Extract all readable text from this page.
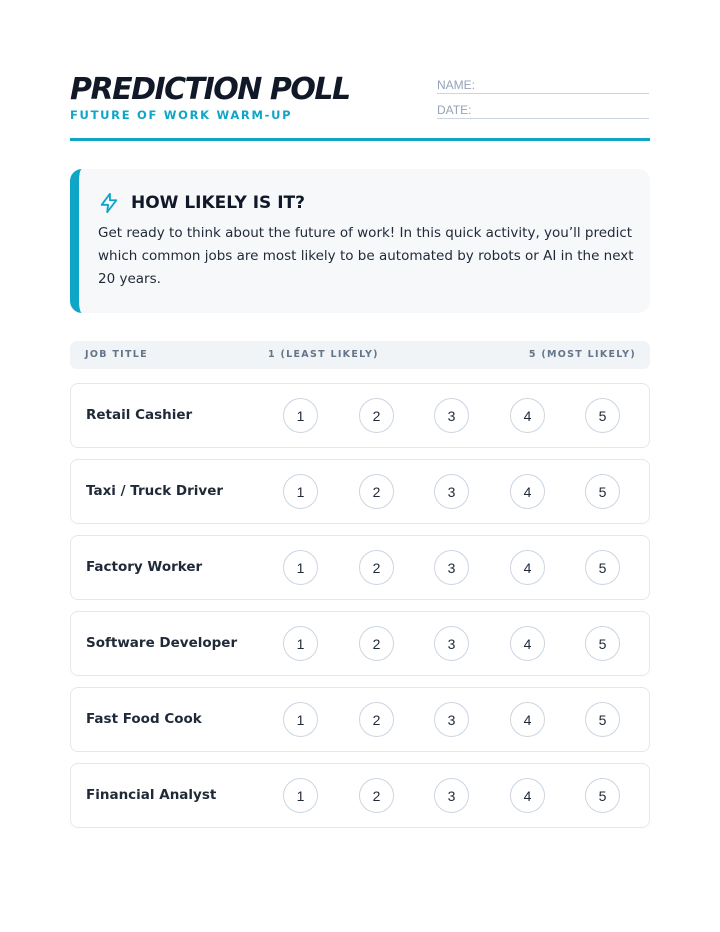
PREDICTION POLL
FUTURE OF WORK WARM-UP
NAME:
DATE:
HOW LIKELY IS IT?

Get ready to think about the future of work! In this quick activity, you’ll predict which common jobs are most likely to be automated by robots or AI in the next 20 years.

JOB TITLE	1 (LEAST LIKELY)	5 (MOST LIKELY)
Retail Cashier	1	2	3	4	5
Taxi / Truck Driver	1	2	3	4	5
Factory Worker	1	2	3	4	5
Software Developer	1	2	3	4	5
Fast Food Cook	1	2	3	4	5
Financial Analyst	1	2	3	4	5
